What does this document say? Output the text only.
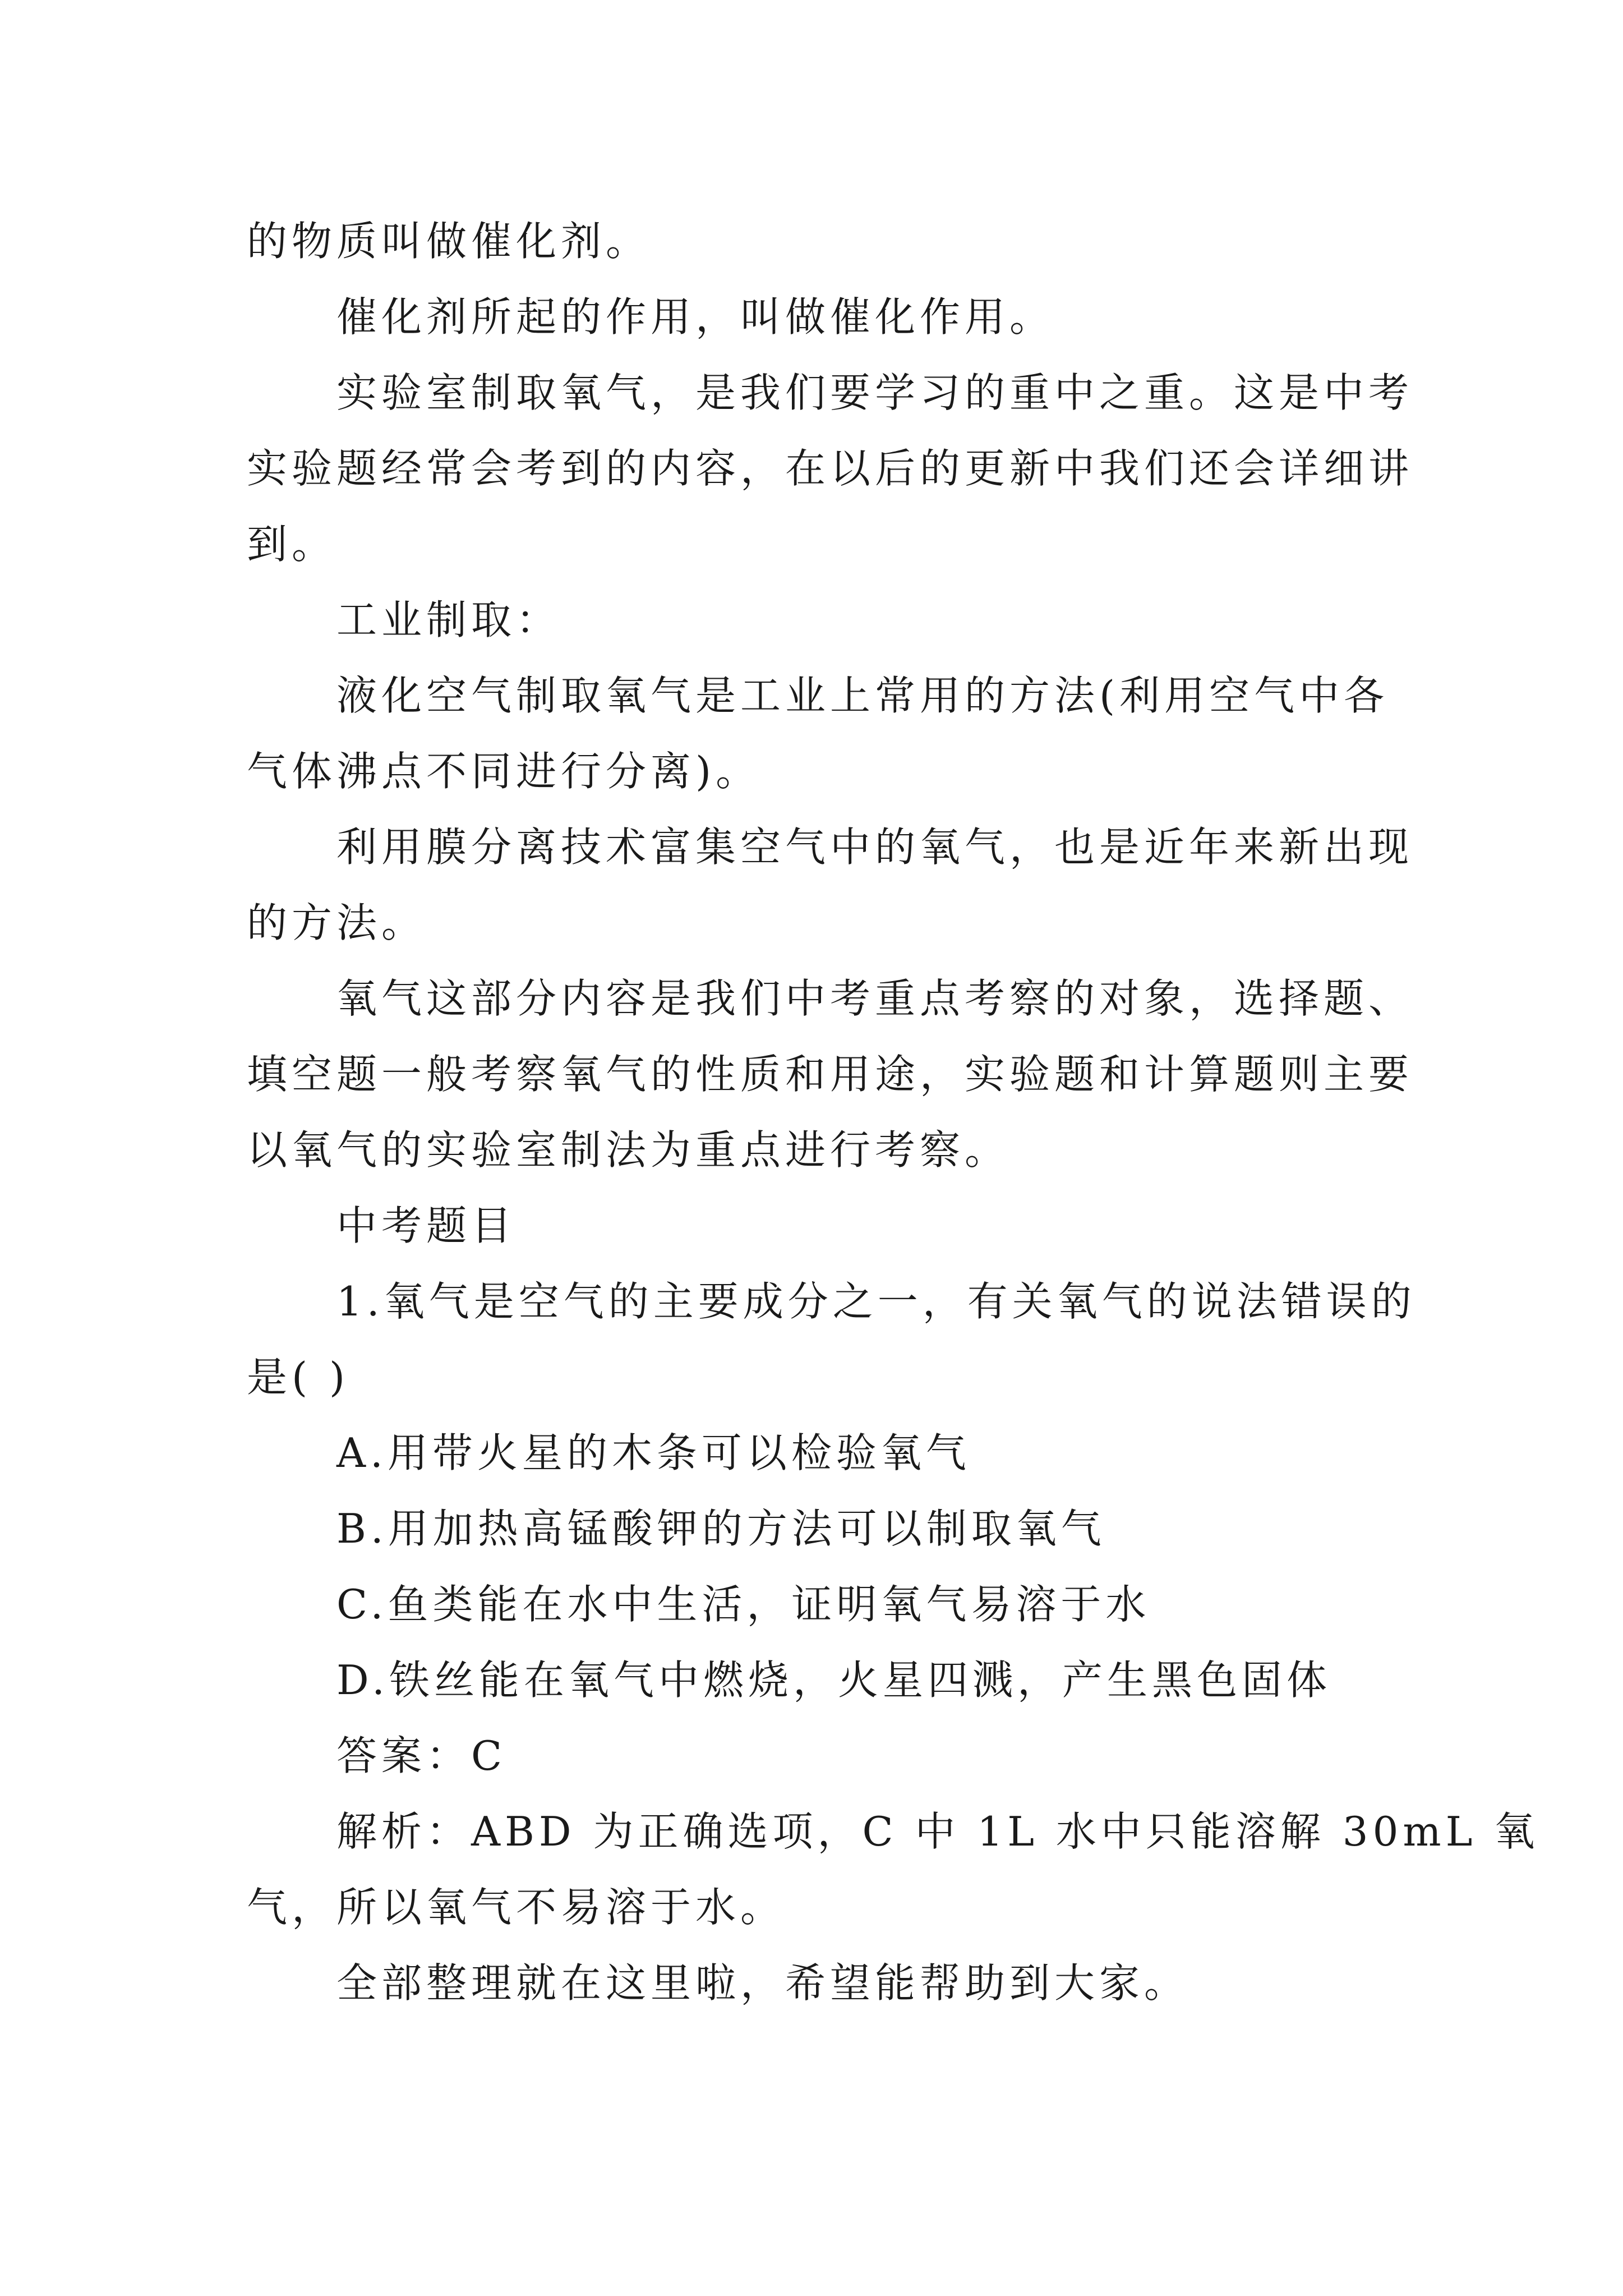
的物质叫做催化剂。

催化剂所起的作用，叫做催化作用。

实验室制取氧气，是我们要学习的重中之重。这是中考

实验题经常会考到的内容，在以后的更新中我们还会详细讲

到。

工业制取：

液化空气制取氧气是工业上常用的方法(利用空气中各

气体沸点不同进行分离)。

利用膜分离技术富集空气中的氧气，也是近年来新出现

的方法。

氧气这部分内容是我们中考重点考察的对象，选择题、

填空题一般考察氧气的性质和用途，实验题和计算题则主要

以氧气的实验室制法为重点进行考察。

中考题目

1.氧气是空气的主要成分之一，有关氧气的说法错误的

是( )

A.用带火星的木条可以检验氧气

B.用加热高锰酸钾的方法可以制取氧气

C.鱼类能在水中生活，证明氧气易溶于水

D.铁丝能在氧气中燃烧，火星四溅，产生黑色固体

答案：C

解析：ABD 为正确选项，C 中 1L 水中只能溶解 30mL 氧

气，所以氧气不易溶于水。

全部整理就在这里啦，希望能帮助到大家。
